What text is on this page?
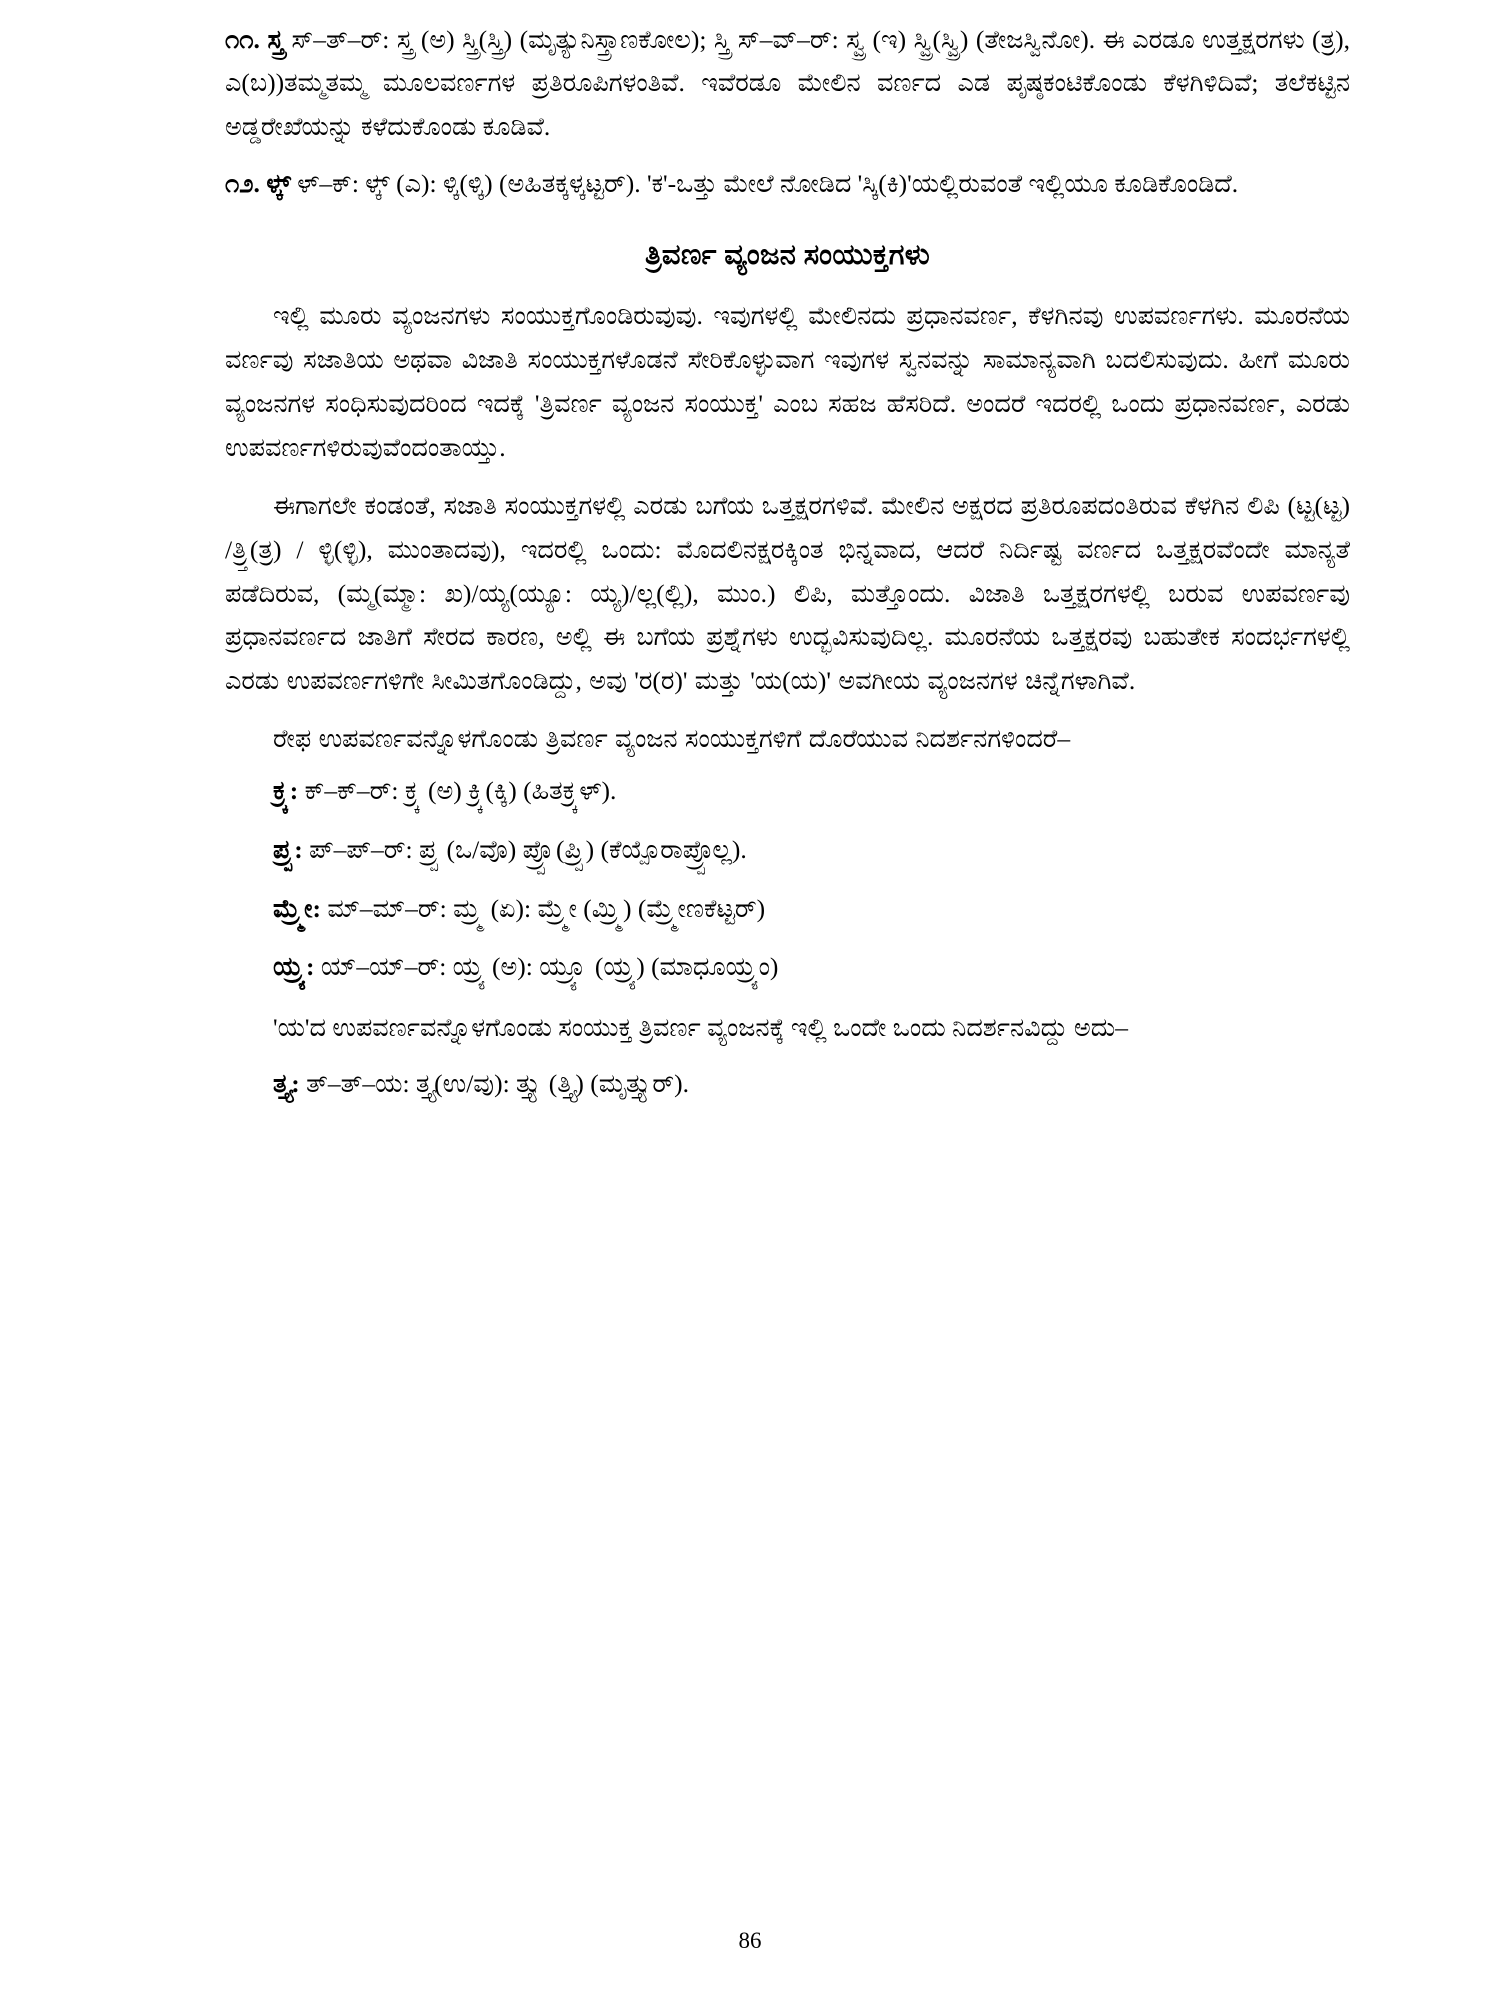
೧೧. ಸ್ತ್ರ ಸ್–ತ್–ರ್: ಸ್ತ್ರ (ಅ) ಸ್ತ್ರಿ(ಸ್ತ್ರಿ) (ಮೃತ್ಯುನಿಸ್ತ್ರಾಣಕೋಲ); ಸ್ತ್ರಿ ಸ್–ವ್–ರ್: ಸ್ವ್ರ (ಇ) ಸ್ವ್ರಿ(ಸ್ವ್ರಿ) (ತೇಜಸ್ವಿನೋ). ಈ ಎರಡೂ ಉತ್ತಕ್ಷರಗಳು (ತ್ರ), ಎ(ಬ))ತಮ್ಮತಮ್ಮ ಮೂಲವರ್ಣಗಳ ಪ್ರತಿರೂಪಿಗಳಂತಿವೆ. ಇವೆರಡೂ ಮೇಲಿನ ವರ್ಣದ ಎಡ ಪೃಷ್ಠಕಂಟಿಕೊಂಡು ಕೆಳಗಿಳಿದಿವೆ; ತಲೆಕಟ್ಟಿನ ಅಡ್ಡರೇಖೆಯನ್ನು ಕಳೆದುಕೊಂಡು ಕೂಡಿವೆ.
೧೨. ಳ್ಕ್ ಳ್–ಕ್: ಳ್ಕ್ (ಎ): ಳ್ಕಿ(ಳ್ಕಿ) (ಅಹಿತಕ್ಕಳ್ಕಟ್ಟರ್). 'ಕ'-ಒತ್ತು ಮೇಲೆ ನೋಡಿದ 'ಸ್ಕಿ(ಕಿ)'ಯಲ್ಲಿರುವಂತೆ ಇಲ್ಲಿಯೂ ಕೂಡಿಕೊಂಡಿದೆ.
ತ್ರಿವರ್ಣ ವ್ಯಂಜನ ಸಂಯುಕ್ತಗಳು

ಇಲ್ಲಿ ಮೂರು ವ್ಯಂಜನಗಳು ಸಂಯುಕ್ತಗೊಂಡಿರುವುವು. ಇವುಗಳಲ್ಲಿ ಮೇಲಿನದು ಪ್ರಧಾನವರ್ಣ, ಕೆಳಗಿನವು ಉಪವರ್ಣಗಳು. ಮೂರನೆಯ ವರ್ಣವು ಸಜಾತಿಯ ಅಥವಾ ವಿಜಾತಿ ಸಂಯುಕ್ತಗಳೊಡನೆ ಸೇರಿಕೊಳ್ಳುವಾಗ ಇವುಗಳ ಸ್ವನವನ್ನು ಸಾಮಾನ್ಯವಾಗಿ ಬದಲಿಸುವುದು. ಹೀಗೆ ಮೂರು ವ್ಯಂಜನಗಳ ಸಂಧಿಸುವುದರಿಂದ ಇದಕ್ಕೆ 'ತ್ರಿವರ್ಣ ವ್ಯಂಜನ ಸಂಯುಕ್ತ' ಎಂಬ ಸಹಜ ಹೆಸರಿದೆ. ಅಂದರೆ ಇದರಲ್ಲಿ ಒಂದು ಪ್ರಧಾನವರ್ಣ, ಎರಡು ಉಪವರ್ಣಗಳಿರುವುವೆಂದಂತಾಯ್ತು.

ಈಗಾಗಲೇ ಕಂಡಂತೆ, ಸಜಾತಿ ಸಂಯುಕ್ತಗಳಲ್ಲಿ ಎರಡು ಬಗೆಯ ಒತ್ತಕ್ಷರಗಳಿವೆ. ಮೇಲಿನ ಅಕ್ಷರದ ಪ್ರತಿರೂಪದಂತಿರುವ ಕೆಳಗಿನ ಲಿಪಿ (ಟ್ಟ(ಟ್ಟ) /ತ್ರ್ತಿ(ತ್ರ) / ಳ್ಳಿ(ಳ್ಳಿ), ಮುಂತಾದವು), ಇದರಲ್ಲಿ ಒಂದು: ಮೊದಲಿನಕ್ಷರಕ್ಕಿಂತ ಭಿನ್ನವಾದ, ಆದರೆ ನಿರ್ದಿಷ್ಟ ವರ್ಣದ ಒತ್ತಕ್ಷರವೆಂದೇ ಮಾನ್ಯತೆ ಪಡೆದಿರುವ, (ಮ್ಮ(ಮ್ಮಾ: ಖ)/ಯ್ಯ(ಯ್ಯೂ: ಯ್ಯ)/ಲ್ಲ(ಲ್ಲಿ), ಮುಂ.) ಲಿಪಿ, ಮತ್ತೊಂದು. ವಿಜಾತಿ ಒತ್ತಕ್ಷರಗಳಲ್ಲಿ ಬರುವ ಉಪವರ್ಣವು ಪ್ರಧಾನವರ್ಣದ ಜಾತಿಗೆ ಸೇರದ ಕಾರಣ, ಅಲ್ಲಿ ಈ ಬಗೆಯ ಪ್ರಶ್ನೆಗಳು ಉದ್ಭವಿಸುವುದಿಲ್ಲ. ಮೂರನೆಯ ಒತ್ತಕ್ಷರವು ಬಹುತೇಕ ಸಂದರ್ಭಗಳಲ್ಲಿ ಎರಡು ಉಪವರ್ಣಗಳಿಗೇ ಸೀಮಿತಗೊಂಡಿದ್ದು, ಅವು 'ರ(ರ)' ಮತ್ತು 'ಯ(ಯ)' ಅವಗೀಯ ವ್ಯಂಜನಗಳ ಚಿನ್ನೆಗಳಾಗಿವೆ.

ರೇಫ ಉಪವರ್ಣವನ್ನೊಳಗೊಂಡು ತ್ರಿವರ್ಣ ವ್ಯಂಜನ ಸಂಯುಕ್ತಗಳಿಗೆ ದೊರೆಯುವ ನಿದರ್ಶನಗಳಿಂದರೆ–

ಕ್ರ್ಕ: ಕ್–ಕ್–ರ್: ಕ್ರ್ಕ (ಅ) ಕ್ರ್ಕಿ(ಕ್ಕಿ) (ಹಿತಕ್ರ್ಕಳ್).
ಪ್ರ್ಪ: ಪ್–ಪ್–ರ್: ಪ್ರ್ಪ (ಒ/ವೊ) ಪ್ರ್ಪೊ(ಪ್ರ್ಪಿ) (ಕೆಯ್ಪೊರಾಪ್ರ್ಪೊಲ್ಲ).
ಮ್ರ್ಮೇ: ಮ್–ಮ್–ರ್: ಮ್ರ್ಮ (ಏ): ಮ್ರ್ಮೇ (ಮ್ರ್ಮಿ) (ಮ್ರ್ಮೇಣಕೆಟ್ಟರ್)
ಯ್ರ್ಯ: ಯ್–ಯ್–ರ್: ಯ್ರ್ಯ (ಅ): ಯ್ರ್ಯೂ (ಯ್ರ್ಯ) (ಮಾಧೂಯ್ರ್ಯಂ)

'ಯ'ದ ಉಪವರ್ಣವನ್ನೊಳಗೊಂಡು ಸಂಯುಕ್ತ ತ್ರಿವರ್ಣ ವ್ಯಂಜನಕ್ಕೆ ಇಲ್ಲಿ ಒಂದೇ ಒಂದು ನಿದರ್ಶನವಿದ್ದು ಅದು–

ತ್ತ್ಯ: ತ್–ತ್–ಯ: ತ್ತ್ಯ(ಉ/ವು): ತ್ತ್ಯು (ತ್ತ್ಯಿ) (ಮೃತ್ತ್ಯುರ್).

86
